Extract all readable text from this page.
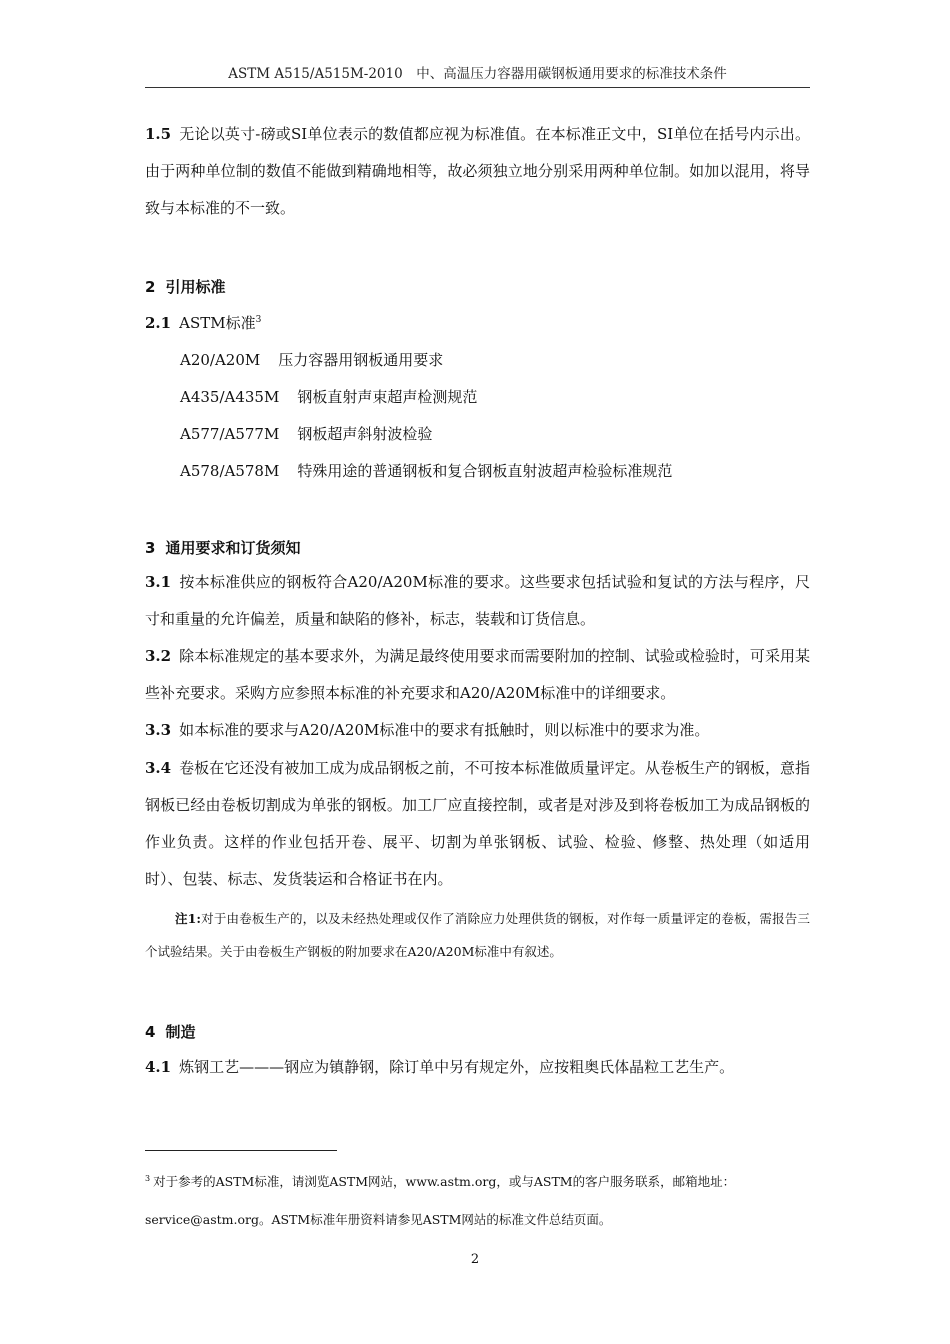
ASTM A515/A515M-2010　中、高温压力容器用碳钢板通用要求的标准技术条件
1.5 无论以英寸-磅或SI单位表示的数值都应视为标准值。在本标准正文中，SI单位在括号内示出。由于两种单位制的数值不能做到精确地相等，故必须独立地分别采用两种单位制。如加以混用，将导致与本标准的不一致。
2 引用标准
2.1 ASTM标准$^3$
A20/A20M 压力容器用钢板通用要求
A435/A435M 钢板直射声束超声检测规范
A577/A577M 钢板超声斜射波检验
A578/A578M 特殊用途的普通钢板和复合钢板直射波超声检验标准规范
3 通用要求和订货须知
3.1 按本标准供应的钢板符合A20/A20M标准的要求。这些要求包括试验和复试的方法与程序，尺寸和重量的允许偏差，质量和缺陷的修补，标志，装载和订货信息。
3.2 除本标准规定的基本要求外，为满足最终使用要求而需要附加的控制、试验或检验时，可采用某些补充要求。采购方应参照本标准的补充要求和A20/A20M标准中的详细要求。
3.3 如本标准的要求与A20/A20M标准中的要求有抵触时，则以标准中的要求为准。
3.4 卷板在它还没有被加工成为成品钢板之前，不可按本标准做质量评定。从卷板生产的钢板，意指钢板已经由卷板切割成为单张的钢板。加工厂应直接控制，或者是对涉及到将卷板加工为成品钢板的作业负责。这样的作业包括开卷、展平、切割为单张钢板、试验、检验、修整、热处理（如适用时）、包装、标志、发货装运和合格证书在内。
注1:对于由卷板生产的，以及未经热处理或仅作了消除应力处理供货的钢板，对作每一质量评定的卷板，需报告三个试验结果。关于由卷板生产钢板的附加要求在A20/A20M标准中有叙述。
4 制造
4.1 炼钢工艺———钢应为镇静钢，除订单中另有规定外，应按粗奥氏体晶粒工艺生产。
$^3$ 对于参考的ASTM标准，请浏览ASTM网站，www.astm.org，或与ASTM的客户服务联系，邮箱地址：service@astm.org。ASTM标准年册资料请参见ASTM网站的标准文件总结页面。
2
